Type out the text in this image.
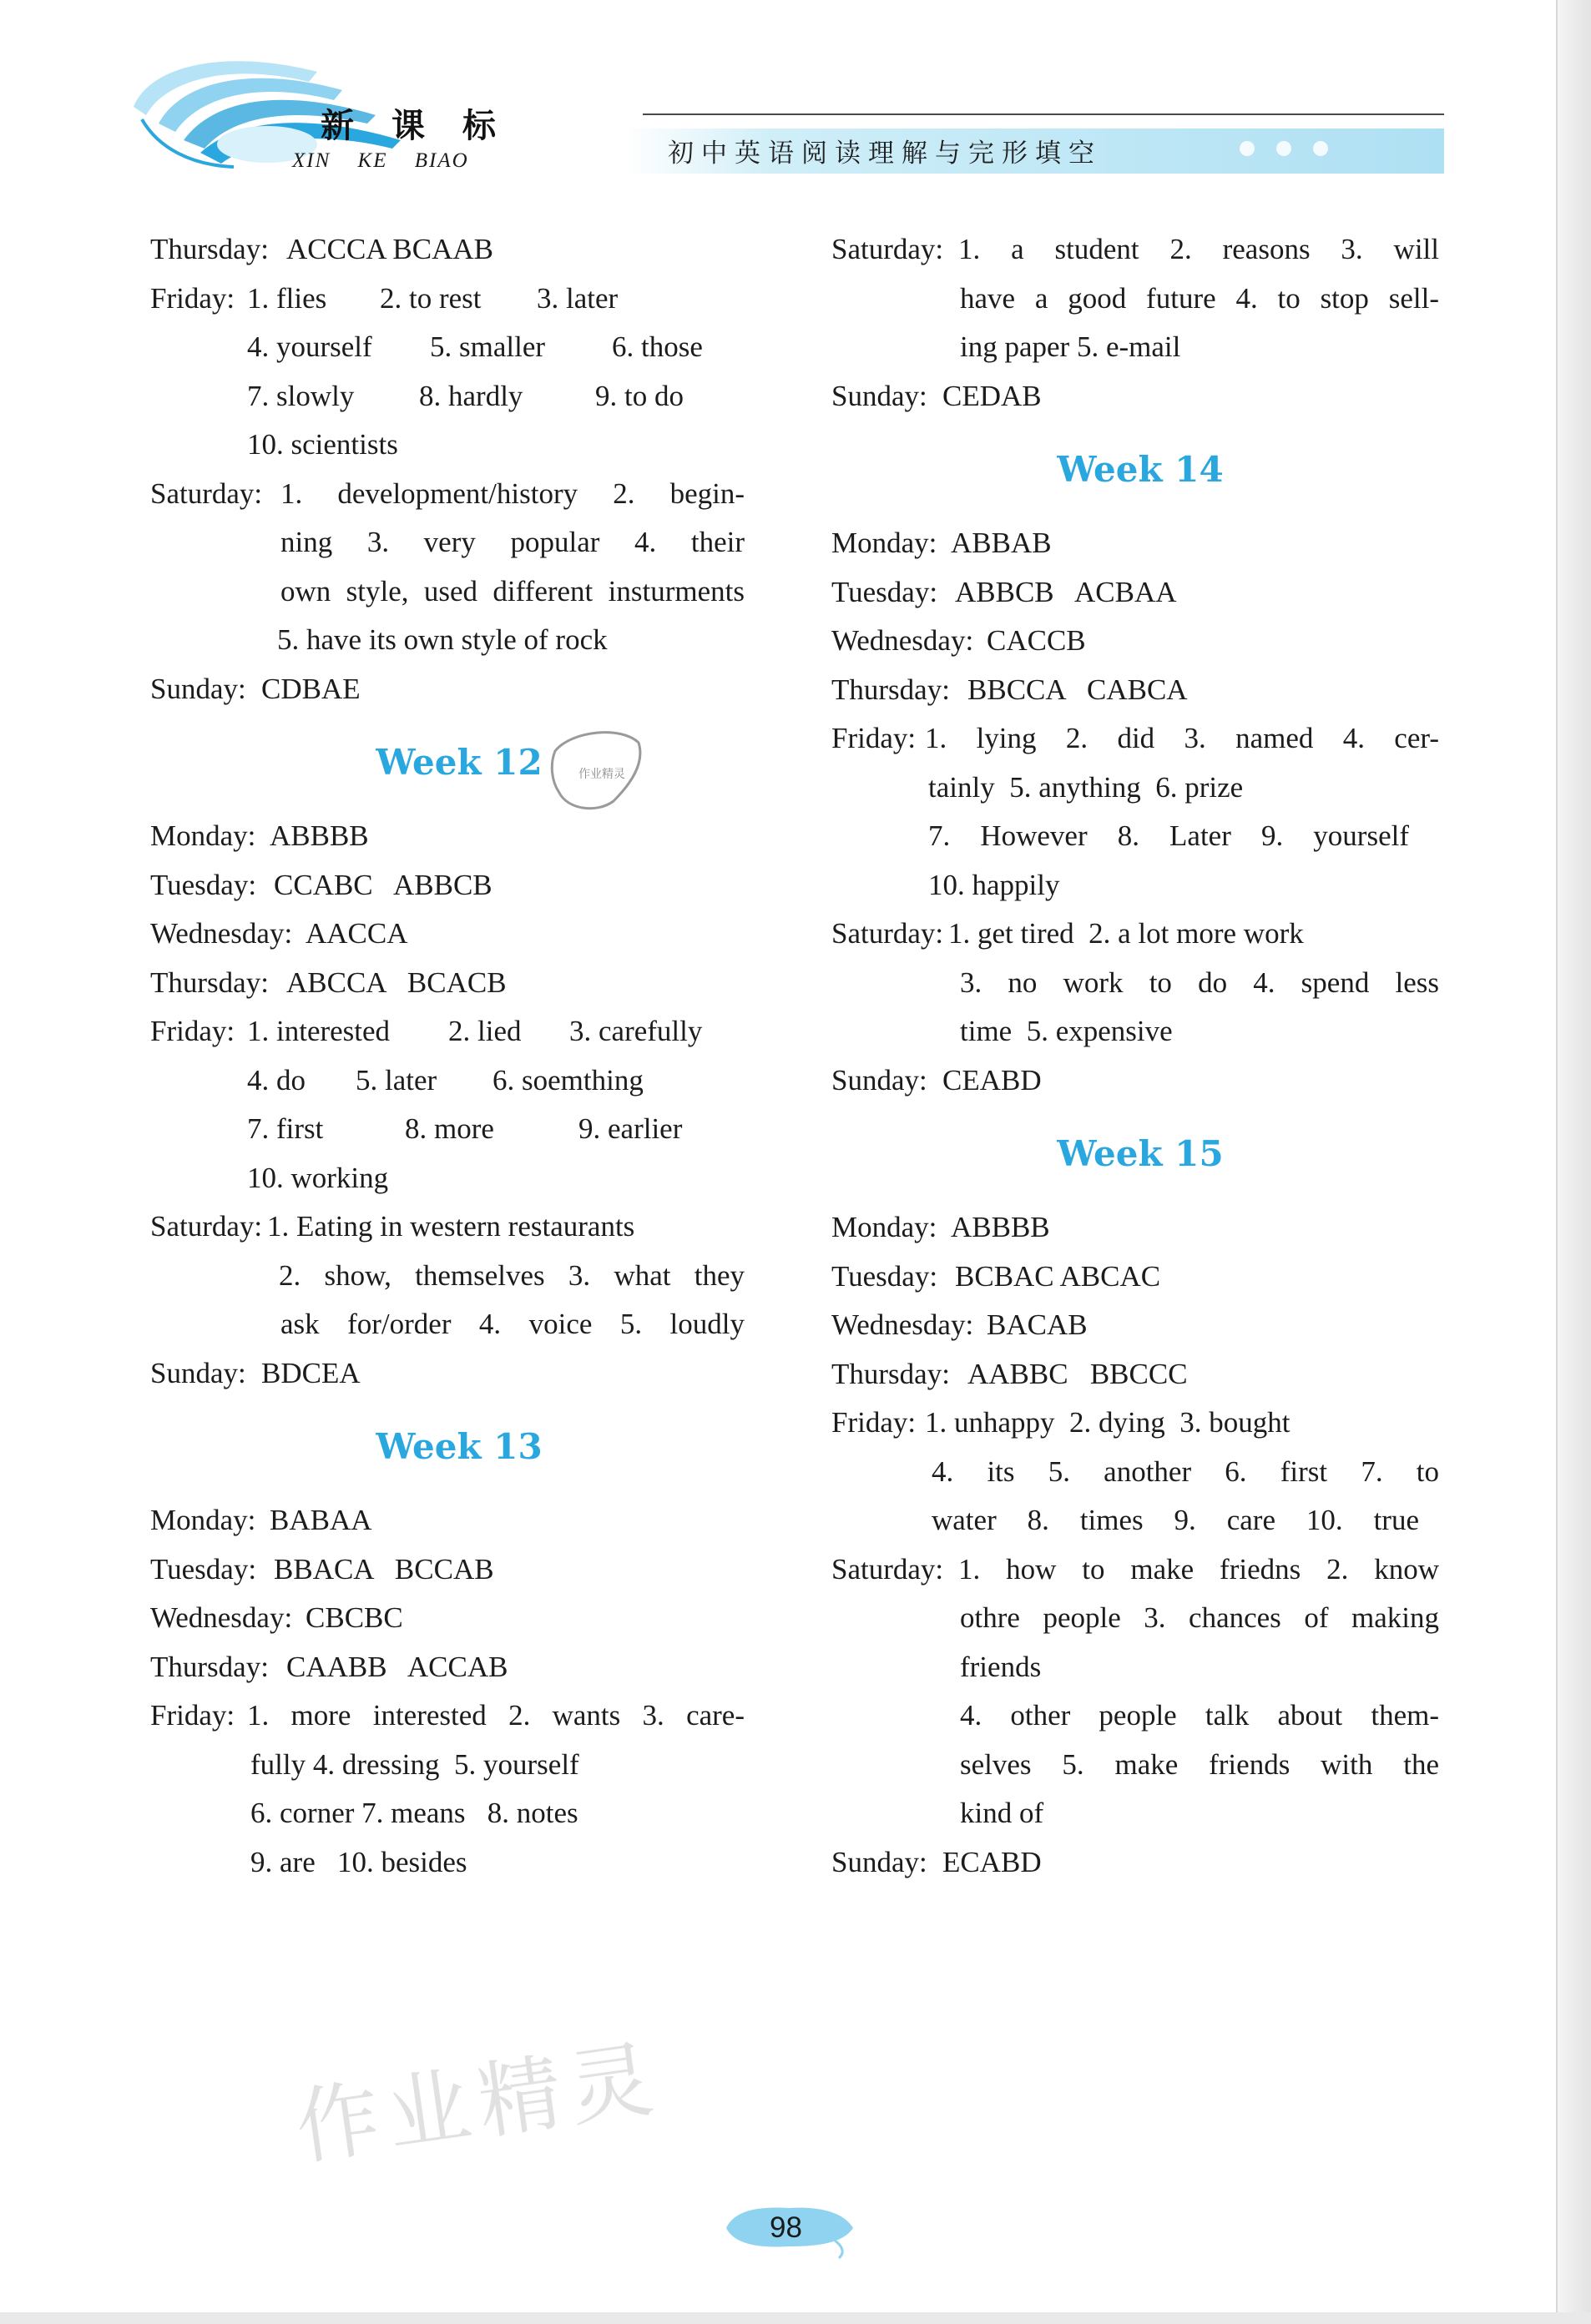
新 课 标
XIN KE BIAO	初中英语阅读理解与完形填空

Thursday: ACCCA BCAAB
Friday: 1. flies 2. to rest 3. later
4. yourself 5. smaller 6. those
7. slowly 8. hardly 9. to do
10. scientists
Saturday: 1. development/history 2. begin-
ning 3. very popular 4. their
own style, used different insturments
5. have its own style of rock
Sunday: CDBAE
Week 12
Monday: ABBBB
Tuesday: CCABC   ABBCB
Wednesday: AACCA
Thursday: ABCCA   BCACB
Friday: 1. interested 2. lied 3. carefully
4. do 5. later 6. soemthing
7. first	8. more	9. earlier
10. working
Saturday: 1. Eating in western restaurants
2. show, themselves 3. what they
ask for/order 4. voice 5. loudly
Sunday: BDCEA
Week 13
Monday: BABAA
Tuesday: BBACA   BCCAB
Wednesday: CBCBC
Thursday: CAABB   ACCAB
Friday: 1. more interested 2. wants 3. care-
fully 4. dressing  5. yourself
6. corner 7. means   8. notes
9. are   10. besides
作业精灵
Saturday: 1. a student 2. reasons 3. will
have a good future 4. to stop sell-
ing paper 5. e-mail
Sunday: CEDAB
Week 14
Monday: ABBAB
Tuesday: ABBCB   ACBAA
Wednesday: CACCB
Thursday: BBCCA   CABCA
Friday: 1. lying 2. did 3. named 4. cer-
tainly  5. anything  6. prize
7. However 8. Later 9. yourself
10. happily
Saturday: 1. get tired  2. a lot more work
3. no work to do 4. spend less
time  5. expensive
Sunday: CEABD
Week 15
Monday: ABBBB
Tuesday: BCBAC ABCAC
Wednesday: BACAB
Thursday: AABBC   BBCCC
Friday: 1. unhappy  2. dying  3. bought
4. its 5. another 6. first 7. to
water 8. times 9. care 10. true
Saturday: 1. how to make friedns 2. know
othre people 3. chances of making
friends
4. other people talk about them-
selves 5. make friends with the
kind of
Sunday: ECABD
作业精灵
98
